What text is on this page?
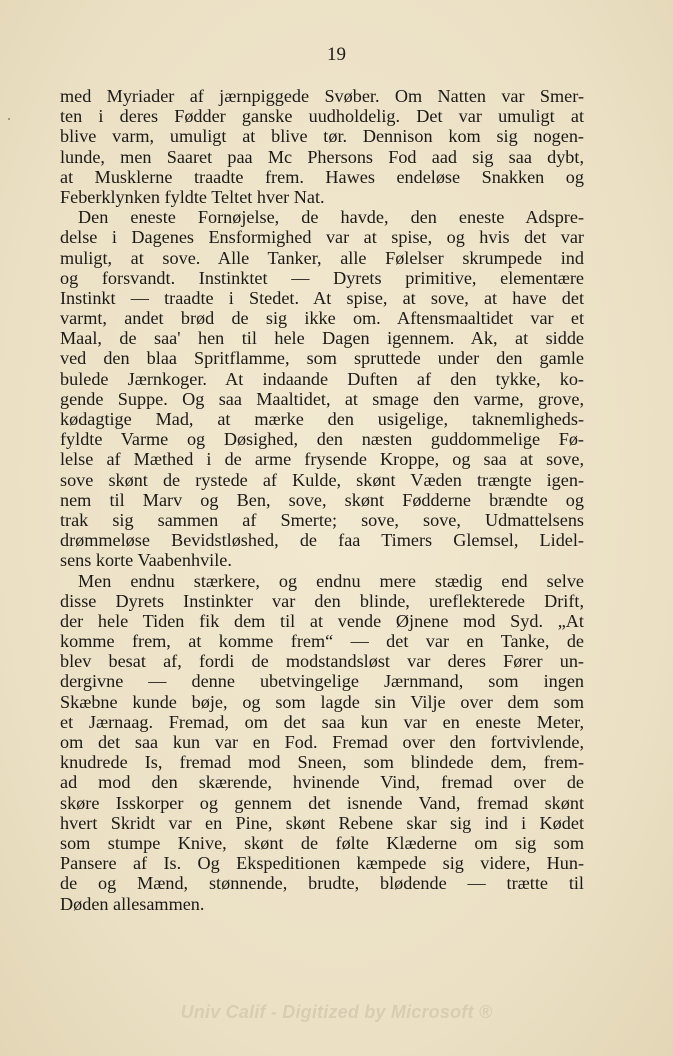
19
med Myriader af jærnpiggede Svøber. Om Natten var Smer-
ten i deres Fødder ganske uudholdelig. Det var umuligt at
blive varm, umuligt at blive tør. Dennison kom sig nogen-
lunde, men Saaret paa Mc Phersons Fod aad sig saa dybt,
at Musklerne traadte frem. Hawes endeløse Snakken og
Feberklynken fyldte Teltet hver Nat.
Den eneste Fornøjelse, de havde, den eneste Adspre-
delse i Dagenes Ensformighed var at spise, og hvis det var
muligt, at sove. Alle Tanker, alle Følelser skrumpede ind
og forsvandt. Instinktet — Dyrets primitive, elementære
Instinkt — traadte i Stedet. At spise, at sove, at have det
varmt, andet brød de sig ikke om. Aftensmaaltidet var et
Maal, de saa' hen til hele Dagen igennem. Ak, at sidde
ved den blaa Spritflamme, som spruttede under den gamle
bulede Jærnkoger. At indaande Duften af den tykke, ko-
gende Suppe. Og saa Maaltidet, at smage den varme, grove,
kødagtige Mad, at mærke den usigelige, taknemligheds-
fyldte Varme og Døsighed, den næsten guddommelige Fø-
lelse af Mæthed i de arme frysende Kroppe, og saa at sove,
sove skønt de rystede af Kulde, skønt Væden trængte igen-
nem til Marv og Ben, sove, skønt Fødderne brændte og
trak sig sammen af Smerte; sove, sove, Udmattelsens
drømmeløse Bevidstløshed, de faa Timers Glemsel, Lidel-
sens korte Vaabenhvile.
Men endnu stærkere, og endnu mere stædig end selve
disse Dyrets Instinkter var den blinde, ureflekterede Drift,
der hele Tiden fik dem til at vende Øjnene mod Syd. „At
komme frem, at komme frem“ — det var en Tanke, de
blev besat af, fordi de modstandsløst var deres Fører un-
dergivne — denne ubetvingelige Jærnmand, som ingen
Skæbne kunde bøje, og som lagde sin Vilje over dem som
et Jærnaag. Fremad, om det saa kun var en eneste Meter,
om det saa kun var en Fod. Fremad over den fortvivlende,
knudrede Is, fremad mod Sneen, som blindede dem, frem-
ad mod den skærende, hvinende Vind, fremad over de
skøre Isskorper og gennem det isnende Vand, fremad skønt
hvert Skridt var en Pine, skønt Rebene skar sig ind i Kødet
som stumpe Knive, skønt de følte Klæderne om sig som
Pansere af Is. Og Ekspeditionen kæmpede sig videre, Hun-
de og Mænd, stønnende, brudte, blødende — trætte til
Døden allesammen.
Univ Calif - Digitized by Microsoft ®
